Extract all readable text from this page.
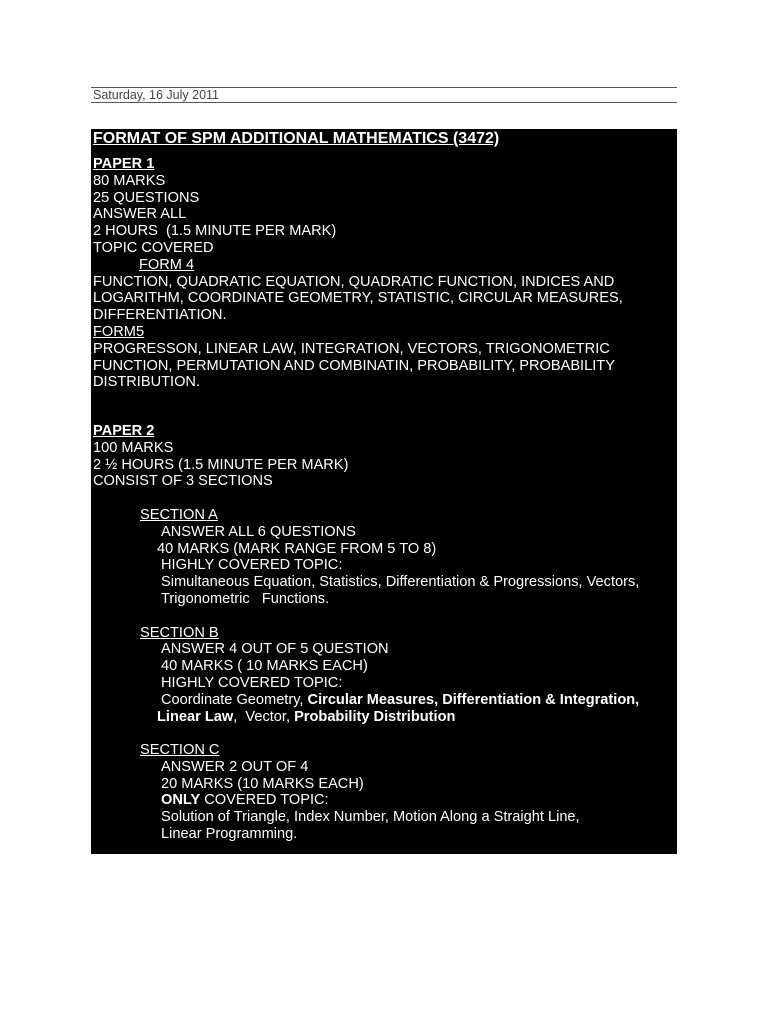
Saturday, 16 July 2011
FORMAT OF SPM ADDITIONAL MATHEMATICS (3472)
PAPER 1
80 MARKS
25 QUESTIONS
ANSWER ALL
2 HOURS  (1.5 MINUTE PER MARK)
TOPIC COVERED
FORM 4
FUNCTION, QUADRATIC EQUATION, QUADRATIC FUNCTION, INDICES AND
LOGARITHM, COORDINATE GEOMETRY, STATISTIC, CIRCULAR MEASURES,
DIFFERENTIATION.
FORM5
PROGRESSON, LINEAR LAW, INTEGRATION, VECTORS, TRIGONOMETRIC
FUNCTION, PERMUTATION AND COMBINATIN, PROBABILITY, PROBABILITY
DISTRIBUTION.
PAPER 2
100 MARKS
2 ½ HOURS (1.5 MINUTE PER MARK)
CONSIST OF 3 SECTIONS
SECTION A
ANSWER ALL 6 QUESTIONS
40 MARKS (MARK RANGE FROM 5 TO 8)
HIGHLY COVERED TOPIC:
Simultaneous Equation, Statistics, Differentiation & Progressions, Vectors,
Trigonometric   Functions.
SECTION B
ANSWER 4 OUT OF 5 QUESTION
40 MARKS ( 10 MARKS EACH)
HIGHLY COVERED TOPIC:
Coordinate Geometry, Circular Measures, Differentiation & Integration,
Linear Law,  Vector, Probability Distribution
SECTION C
ANSWER 2 OUT OF 4
20 MARKS (10 MARKS EACH)
ONLY COVERED TOPIC:
Solution of Triangle, Index Number, Motion Along a Straight Line,
Linear Programming.
